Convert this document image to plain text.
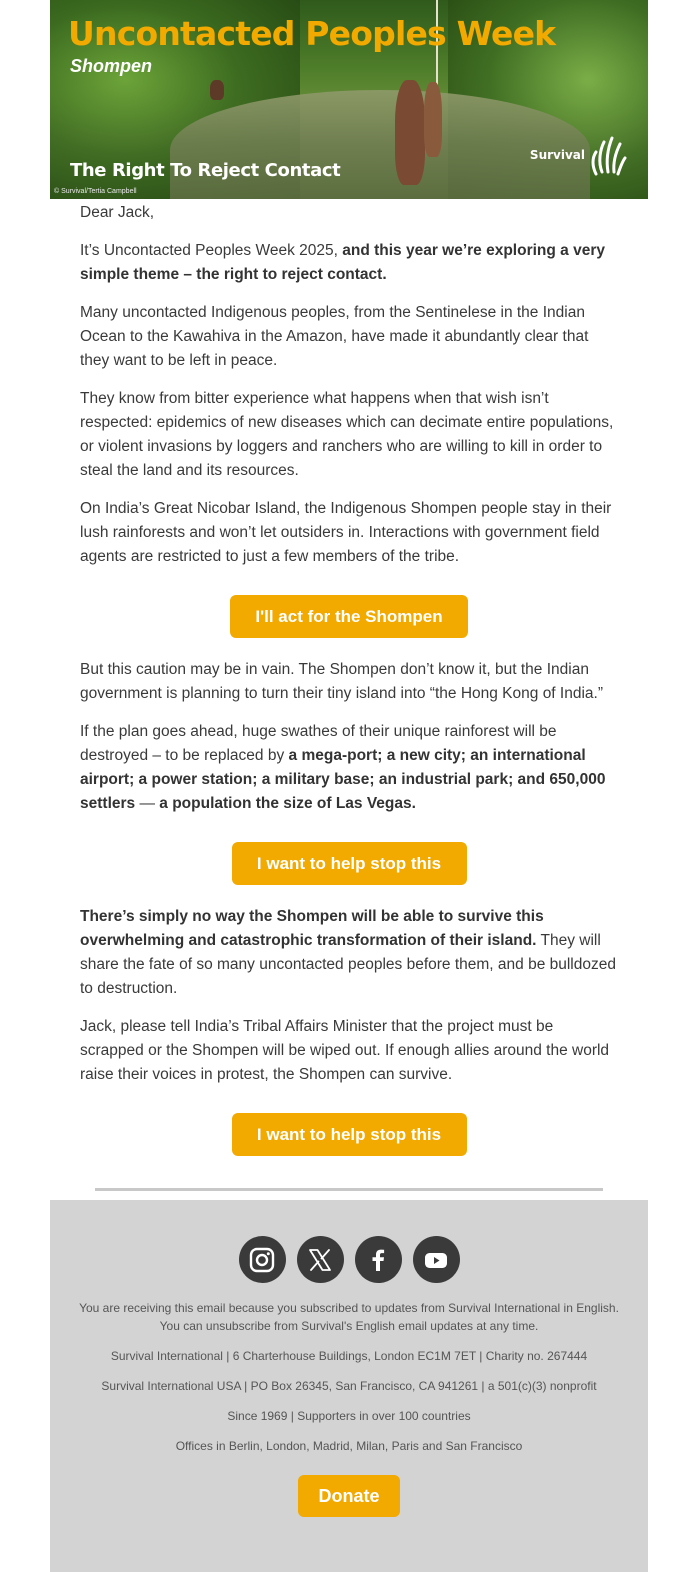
Uncontacted Peoples Week
Shompen
The Right To Reject Contact
© Survival/Tertia Campbell
Survival

Dear Jack,

It’s Uncontacted Peoples Week 2025, and this year we’re exploring a very simple theme – the right to reject contact.

Many uncontacted Indigenous peoples, from the Sentinelese in the Indian Ocean to the Kawahiva in the Amazon, have made it abundantly clear that they want to be left in peace.

They know from bitter experience what happens when that wish isn’t respected: epidemics of new diseases which can decimate entire populations, or violent invasions by loggers and ranchers who are willing to kill in order to steal the land and its resources.

On India’s Great Nicobar Island, the Indigenous Shompen people stay in their lush rainforests and won’t let outsiders in. Interactions with government field agents are restricted to just a few members of the tribe.

I'll act for the Shompen

But this caution may be in vain. The Shompen don’t know it, but the Indian government is planning to turn their tiny island into “the Hong Kong of India.”

If the plan goes ahead, huge swathes of their unique rainforest will be destroyed – to be replaced by a mega-port; a new city; an international airport; a power station; a military base; an industrial park; and 650,000 settlers — a population the size of Las Vegas.

I want to help stop this

There’s simply no way the Shompen will be able to survive this overwhelming and catastrophic transformation of their island. They will share the fate of so many uncontacted peoples before them, and be bulldozed to destruction.

Jack, please tell India’s Tribal Affairs Minister that the project must be scrapped or the Shompen will be wiped out. If enough allies around the world raise their voices in protest, the Shompen can survive.

I want to help stop this
You are receiving this email because you subscribed to updates from Survival International in English.
You can unsubscribe from Survival's English email updates at any time.
Survival International | 6 Charterhouse Buildings, London EC1M 7ET | Charity no. 267444
Survival International USA | PO Box 26345, San Francisco, CA 941261 | a 501(c)(3) nonprofit
Since 1969 | Supporters in over 100 countries
Offices in Berlin, London, Madrid, Milan, Paris and San Francisco
Donate
